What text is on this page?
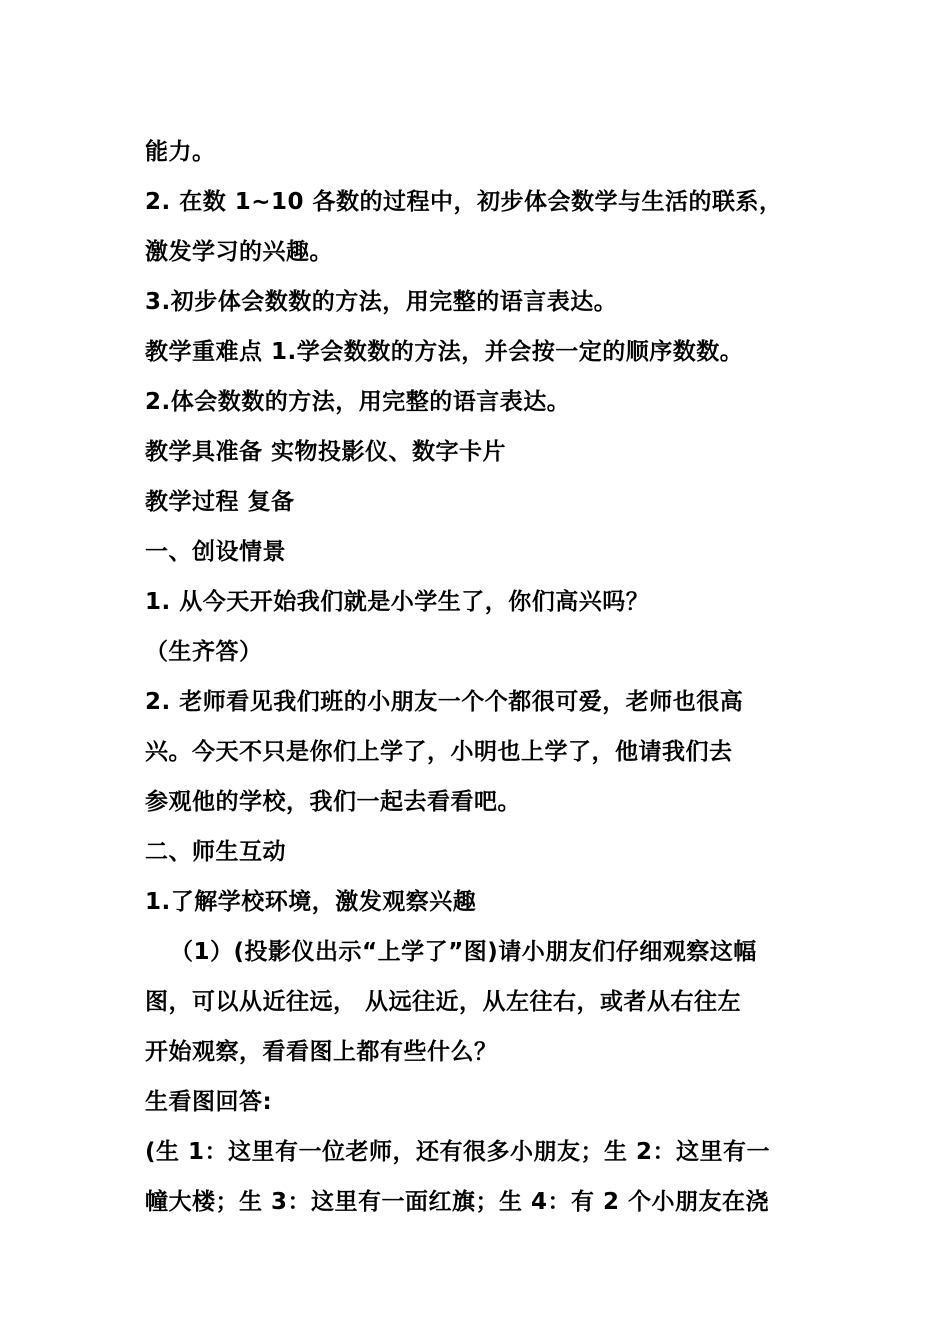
能力。

2. 在数 1~10 各数的过程中，初步体会数学与生活的联系，

激发学习的兴趣。

3.初步体会数数的方法，用完整的语言表达。

教学重难点 1.学会数数的方法，并会按一定的顺序数数。

2.体会数数的方法，用完整的语言表达。

教学具准备 实物投影仪、数字卡片

教学过程 复备

一、创设情景

1. 从今天开始我们就是小学生了，你们高兴吗？

（生齐答）

2. 老师看见我们班的小朋友一个个都很可爱，老师也很高

兴。今天不只是你们上学了，小明也上学了，他请我们去

参观他的学校，我们一起去看看吧。

二、师生互动

1.了解学校环境，激发观察兴趣

（1）(投影仪出示“上学了”图)请小朋友们仔细观察这幅

图，可以从近往远， 从远往近，从左往右，或者从右往左

开始观察，看看图上都有些什么？

生看图回答:

(生 1：这里有一位老师，还有很多小朋友；生 2：这里有一

幢大楼；生 3：这里有一面红旗；生 4：有 2 个小朋友在浇
